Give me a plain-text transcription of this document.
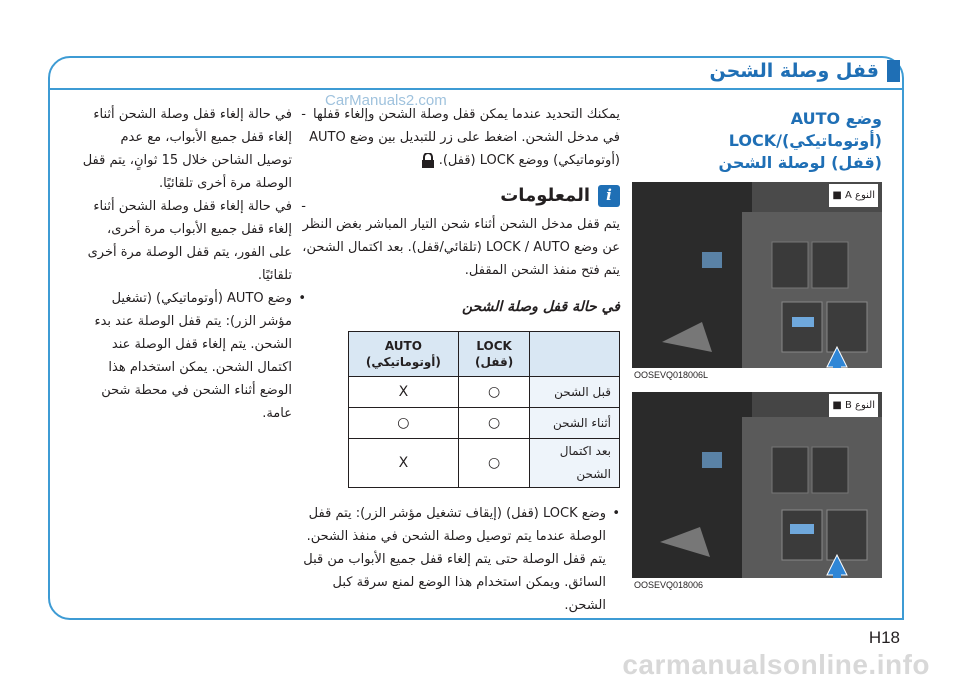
قفل وصلة الشحن
CarManuals2.com

يمكنك التحديد عندما يمكن قفل وصلة الشحن وإلغاء قفلها في مدخل الشحن. اضغط على زر للتبديل بين وضع AUTO (أوتوماتيكي) ووضع LOCK (قفل).

i
المعلومات

يتم قفل مدخل الشحن أثناء شحن التيار المباشر بغض النظر عن وضع LOCK / AUTO (تلقائي/قفل). بعد اكتمال الشحن، يتم فتح منفذ الشحن المقفل.

في حالة قفل وصلة الشحن
	LOCK (قفل)	AUTO (أوتوماتيكي)
قبل الشحن	○	X
أثناء الشحن	○	○
بعد اكتمال الشحن	○	X

• وضع LOCK (قفل) (إيقاف تشغيل مؤشر الزر): يتم قفل الوصلة عندما يتم توصيل وصلة الشحن في منفذ الشحن. يتم قفل الوصلة حتى يتم إلغاء قفل جميع الأبواب من قبل السائق. ويمكن استخدام هذا الوضع لمنع سرقة كبل الشحن.

- في حالة إلغاء قفل وصلة الشحن أثناء إلغاء قفل جميع الأبواب، مع عدم توصيل الشاحن خلال 15 ثوانٍ، يتم قفل الوصلة مرة أخرى تلقائيًا.

- في حالة إلغاء قفل وصلة الشحن أثناء إلغاء قفل جميع الأبواب مرة أخرى، على الفور، يتم قفل الوصلة مرة أخرى تلقائيًا.

• وضع AUTO (أوتوماتيكي) (تشغيل مؤشر الزر): يتم قفل الوصلة عند بدء الشحن. يتم إلغاء قفل الوصلة عند اكتمال الشحن. يمكن استخدام هذا الوضع أثناء الشحن في محطة شحن عامة.

وضع AUTO (أوتوماتيكي)/LOCK
(قفل) لوصلة الشحن
النوع A ■
OOSEVQ018006L
النوع B ■
OOSEVQ018006
H18
carmanualsonline.info
